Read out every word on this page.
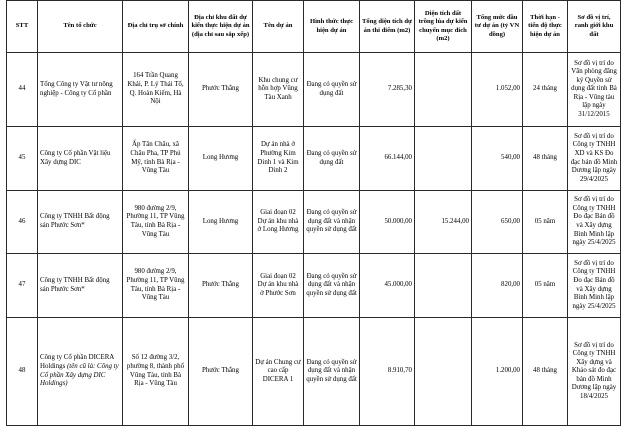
STT	Tên tổ chức	Địa chỉ trụ sở chính	Địa chỉ khu đất dự kiến thực hiện dự án (địa chỉ sau sắp xếp)	Tên dự án	Hình thức thực hiện dự án	Tổng diện tích dự án thi điểm (m2)	Diện tích đất trồng lúa dự kiến chuyển mục đích (m2)	Tổng mức đầu tư dự án (tỷ VN đồng)	Thời hạn - tiến độ thực hiện dự án	Sơ đồ vị trí, ranh giới khu đất
44	Tổng Công ty Vật tư nông nghiệp - Công ty Cổ phần	164 Trần Quang Khải, P. Lý Thái Tổ, Q. Hoàn Kiếm, Hà Nội	Phước Thắng	Khu chung cư hỗn hợp Vũng Tàu Xanh	Đang có quyền sử dụng đất	7.285,30		1.052,00	24 tháng	Sơ đồ vị trí do Văn phòng đăng ký Quyền sử dụng đất tỉnh Bà Rịa - Vũng tàu lập ngày 31/12/2015
45	Công ty Cổ phần Vật liệu Xây dựng DIC	Ấp Tân Châu, xã Châu Pha, TP Phú Mỹ, tỉnh Bà Rịa - Vũng Tàu	Long Hương	Dự án nhà ở Phường Kim Dinh 1 và Kim Dinh 2	Đang có quyền sử dụng đất	66.144,00		540,00	48 tháng	Sơ đồ vị trí do Công ty TNHH XD và KS Đo đạc bản đồ Minh Dương lập ngày 29/4/2025
46	Công ty TNHH Bất động sản Phước Sơn*	980 đường 2/9, Phường 11, TP Vũng Tàu, tỉnh Bà Rịa - Vũng Tàu	Long Hương	Giai đoạn 02 Dự án khu nhà ở Long Hương	Đang có quyền sử dụng đất và nhận quyền sử dụng đất	50.000,00	15.244,00	650,00	05 năm	Sơ đồ vị trí do Công ty TNHH Đo đạc Bản đồ và Xây dựng Bình Minh lập ngày 25/4/2025
47	Công ty TNHH Bất động sản Phước Sơn*	980 đường 2/9, Phường 11, TP Vũng Tàu, tỉnh Bà Rịa - Vũng Tàu	Phước Thắng	Giai đoạn 02 Dự án khu nhà ở Phước Sơn	Đang có quyền sử dụng đất và nhận quyền sử dụng đất	45.000,00		820,00	05 năm	Sơ đồ vị trí do Công ty TNHH Đo đạc Bản đồ và Xây dựng Bình Minh lập ngày 25/4/2025
48	Công ty Cổ phần DICERA Holdings (tên cũ là: Công ty Cổ phần Xây dựng DIC Holdings)	Số 12 đường 3/2, phường 8, thành phố Vũng Tàu, tỉnh Bà Rịa - Vũng Tàu	Phước Thắng	Dự án Chung cư cao cấp DICERA 1	Đang có quyền sử dụng đất và nhận quyền sử dụng đất	8.910,70		1.200,00	48 tháng	Sơ đồ vị trí do Công ty TNHH Xây dựng và Khảo sát đo đạc bản đồ Minh Dương lập ngày 18/4/2025
